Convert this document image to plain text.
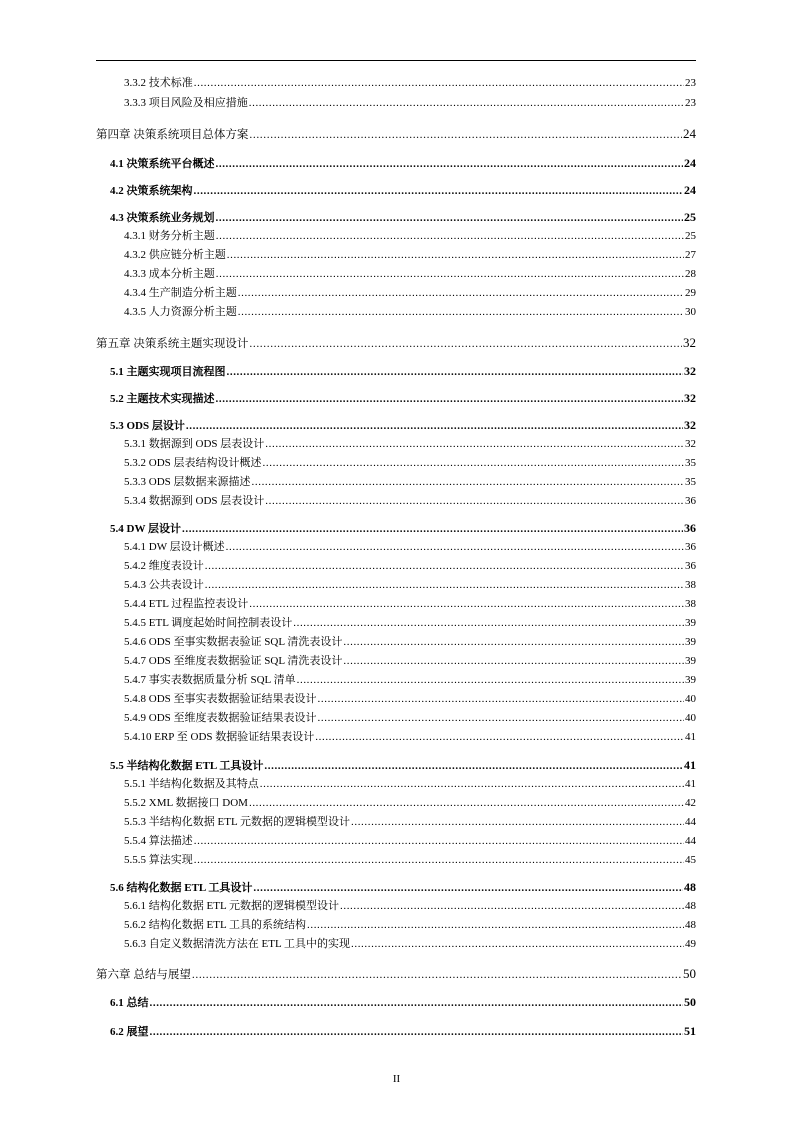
3.3.2 技术标准 .....	23
3.3.3 项目风险及相应措施 .....	23
第四章 决策系统项目总体方案 .....	24
4.1 决策系统平台概述 .....	24
4.2 决策系统架构 .....	24
4.3 决策系统业务规划 .....	25
4.3.1 财务分析主题 .....	25
4.3.2 供应链分析主题 .....	27
4.3.3 成本分析主题 .....	28
4.3.4 生产制造分析主题 .....	29
4.3.5 人力资源分析主题 .....	30
第五章 决策系统主题实现设计 .....	32
5.1 主题实现项目流程图 .....	32
5.2 主题技术实现描述 .....	32
5.3 ODS 层设计 .....	32
5.3.1 数据源到 ODS 层表设计 .....	32
5.3.2 ODS 层表结构设计概述 .....	35
5.3.3 ODS 层数据来源描述 .....	35
5.3.4 数据源到 ODS 层表设计 .....	36
5.4 DW 层设计 .....	36
5.4.1 DW 层设计概述 .....	36
5.4.2 维度表设计 .....	36
5.4.3 公共表设计 .....	38
5.4.4 ETL 过程监控表设计 .....	38
5.4.5 ETL 调度起始时间控制表设计 .....	39
5.4.6 ODS 至事实数据表验证 SQL 清洗表设计 .....	39
5.4.7 ODS 至维度表数据验证 SQL 清洗表设计 .....	39
5.4.7 事实表数据质量分析 SQL 清单 .....	39
5.4.8 ODS 至事实表数据验证结果表设计 .....	40
5.4.9 ODS 至维度表数据验证结果表设计 .....	40
5.4.10 ERP 至 ODS 数据验证结果表设计 .....	41
5.5 半结构化数据 ETL 工具设计 .....	41
5.5.1 半结构化数据及其特点 .....	41
5.5.2 XML 数据接口 DOM .....	42
5.5.3 半结构化数据 ETL 元数据的逻辑模型设计 .....	44
5.5.4 算法描述 .....	44
5.5.5 算法实现 .....	45
5.6 结构化数据 ETL 工具设计 .....	48
5.6.1 结构化数据 ETL 元数据的逻辑模型设计 .....	48
5.6.2 结构化数据 ETL 工具的系统结构 .....	48
5.6.3 自定义数据清洗方法在 ETL 工具中的实现 .....	49
第六章 总结与展望 .....	50
6.1 总结 .....	50
6.2 展望 .....	51
II
